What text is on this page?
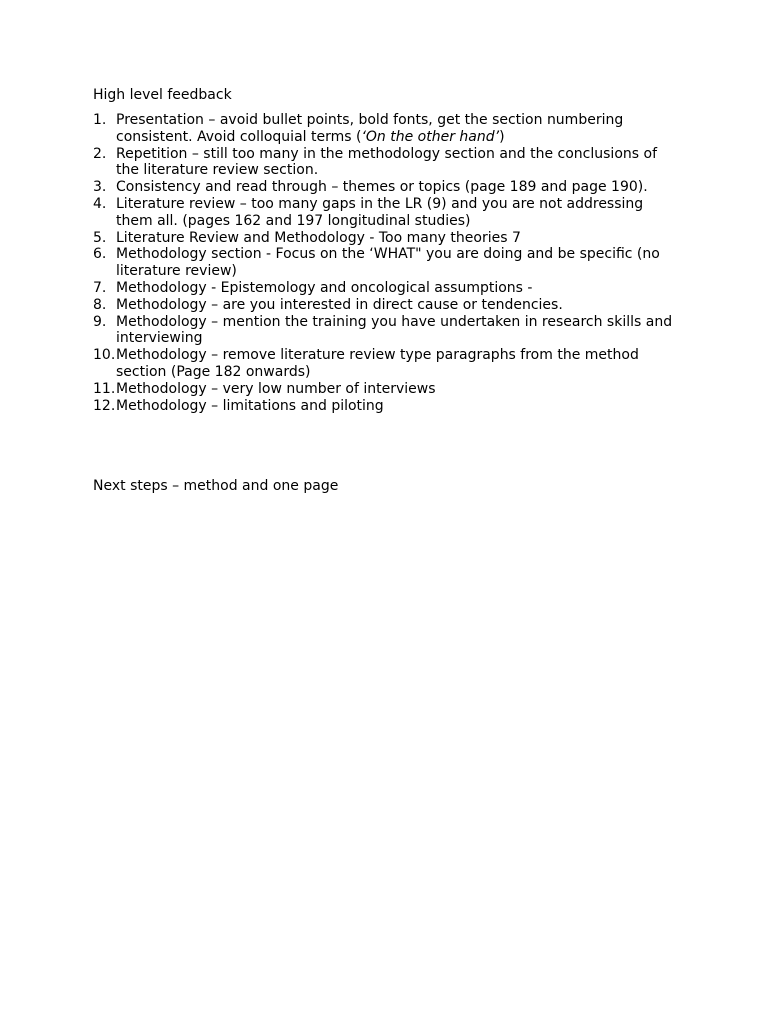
High level feedback
1. Presentation – avoid bullet points, bold fonts, get the section numbering consistent. Avoid colloquial terms (‘On the other hand’)
2. Repetition – still too many in the methodology section and the conclusions of the literature review section.
3. Consistency and read through – themes or topics (page 189 and page 190).
4. Literature review – too many gaps in the LR (9) and you are not addressing them all. (pages 162 and 197 longitudinal studies)
5. Literature Review and Methodology - Too many theories 7
6. Methodology section - Focus on the ‘WHAT" you are doing and be specific (no literature review)
7. Methodology - Epistemology and oncological assumptions -
8. Methodology – are you interested in direct cause or tendencies.
9. Methodology – mention the training you have undertaken in research skills and interviewing
10. Methodology – remove literature review type paragraphs from the method section (Page 182 onwards)
11. Methodology – very low number of interviews
12. Methodology – limitations and piloting
Next steps – method and one page
